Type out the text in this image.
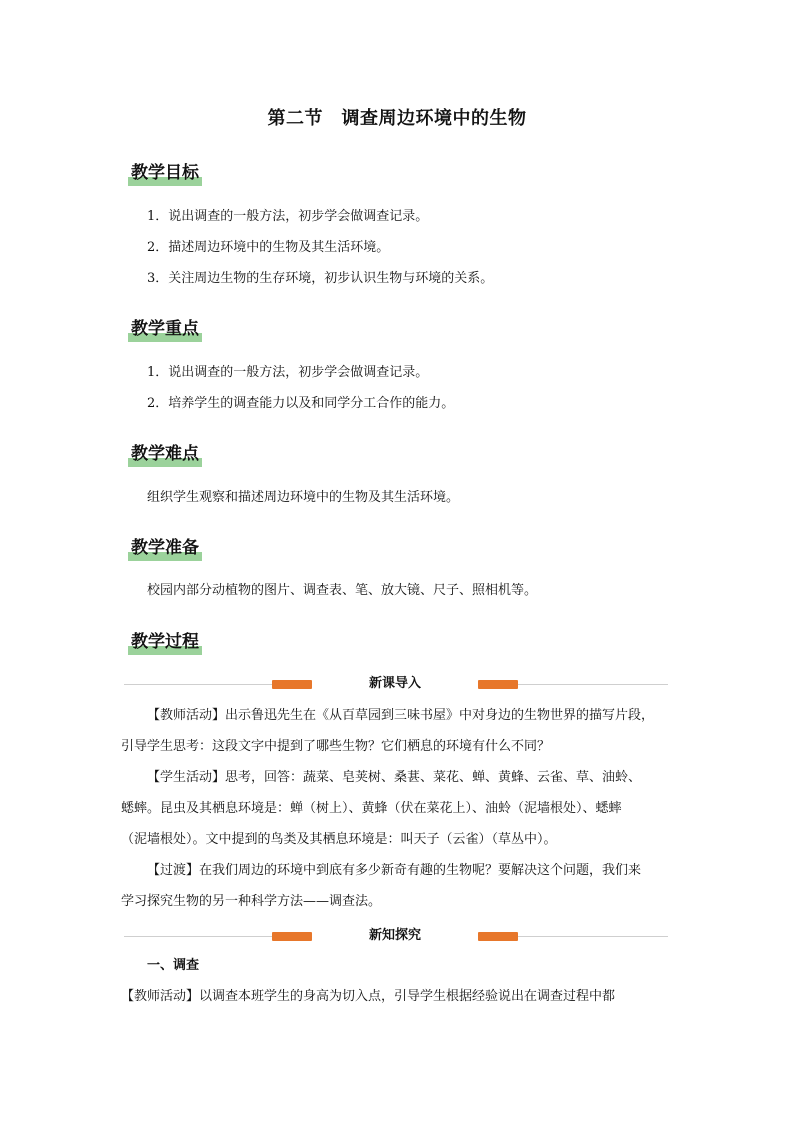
第二节　调查周边环境中的生物
教学目标
1．说出调查的一般方法，初步学会做调查记录。
2．描述周边环境中的生物及其生活环境。
3．关注周边生物的生存环境，初步认识生物与环境的关系。
教学重点
1．说出调查的一般方法，初步学会做调查记录。
2．培养学生的调查能力以及和同学分工合作的能力。
教学难点
组织学生观察和描述周边环境中的生物及其生活环境。
教学准备
校园内部分动植物的图片、调查表、笔、放大镜、尺子、照相机等。
教学过程
新课导入
【教师活动】出示鲁迅先生在《从百草园到三味书屋》中对身边的生物世界的描写片段，
引导学生思考：这段文字中提到了哪些生物？它们栖息的环境有什么不同？
【学生活动】思考，回答：蔬菜、皂荚树、桑葚、菜花、蝉、黄蜂、云雀、草、油蛉、
蟋蟀。昆虫及其栖息环境是：蝉（树上）、黄蜂（伏在菜花上）、油蛉（泥墙根处）、蟋蟀
（泥墙根处）。文中提到的鸟类及其栖息环境是：叫天子（云雀）（草丛中）。
【过渡】在我们周边的环境中到底有多少新奇有趣的生物呢？要解决这个问题，我们来
学习探究生物的另一种科学方法——调查法。
新知探究
一、调查
【教师活动】以调查本班学生的身高为切入点，引导学生根据经验说出在调查过程中都
